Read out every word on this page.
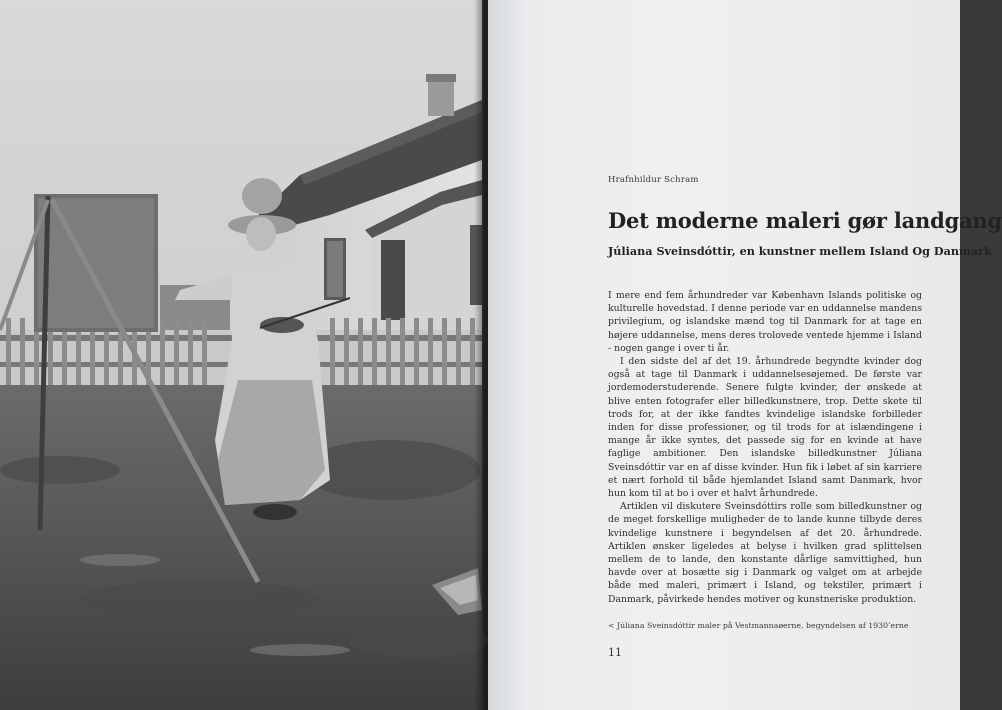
Hrafnhildur Schram
Det moderne maleri gør landgang
Júliana Sveinsdóttir, en kunstner mellem Island Og Danmark

I mere end fem århundreder var København Islands politiske og kulturelle hovedstad. I denne periode var en uddannelse mandens privilegium, og islandske mænd tog til Danmark for at tage en højere uddannelse, mens deres trolovede ventede hjemme i Island - nogen gange i over ti år.

I den sidste del af det 19. århundrede begyndte kvinder dog også at tage til Danmark i uddannelsesøjemed. De første var jordemoderstuderende. Senere fulgte kvinder, der ønskede at blive enten fotografer eller billedkunstnere, trop. Dette skete til trods for, at der ikke fandtes kvindelige islandske forbilleder inden for disse professioner, og til trods for at islændingene i mange år ikke syntes, det passede sig for en kvinde at have faglige ambitioner. Den islandske billedkunstner Júliana Sveinsdóttir var en af disse kvinder. Hun fik i løbet af sin karriere et nært forhold til både hjemlandet Island samt Danmark, hvor hun kom til at bo i over et halvt århundrede.

Artiklen vil diskutere Sveinsdóttirs rolle som billedkunstner og de meget forskellige muligheder de to lande kunne tilbyde deres kvindelige kunstnere i begyndelsen af det 20. århundrede. Artiklen ønsker ligeledes at belyse i hvilken grad splittelsen mellem de to lande, den konstante dårlige samvittighed, hun havde over at bosætte sig i Danmark og valget om at arbejde både med maleri, primært i Island, og tekstiler, primært i Danmark, påvirkede hendes motiver og kunstneriske produktion.

< Júliana Sveinsdóttir maler på Vestmannaøerne, begyndelsen af 1930’erne
11
